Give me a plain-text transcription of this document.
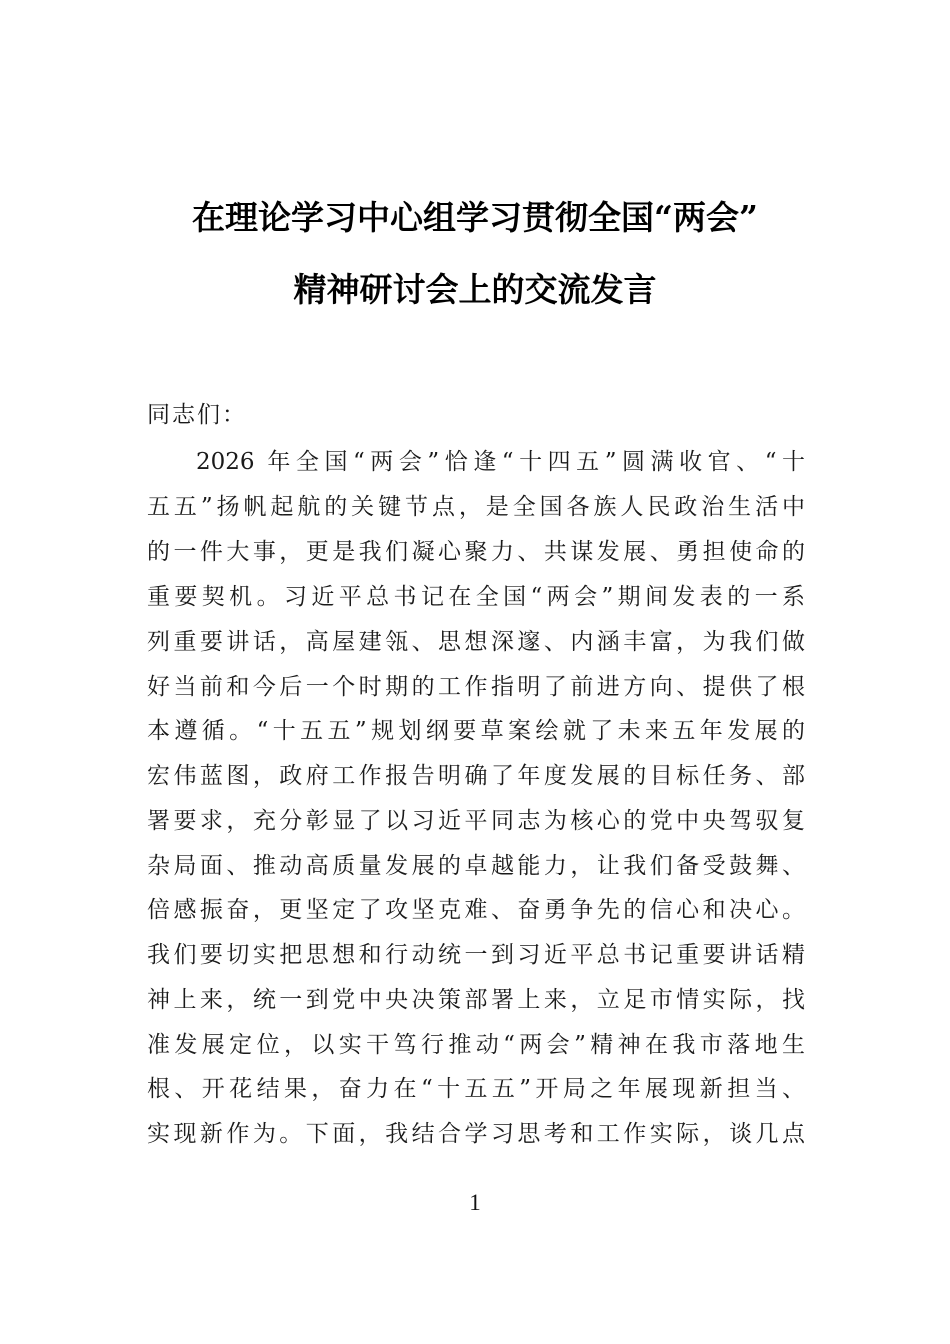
在理论学习中心组学习贯彻全国“两会”
精神研讨会上的交流发言
同志们：
2026 年全国“两会”恰逢“十四五”圆满收官、“十
五五”扬帆起航的关键节点，是全国各族人民政治生活中
的一件大事，更是我们凝心聚力、共谋发展、勇担使命的
重要契机。习近平总书记在全国“两会”期间发表的一系
列重要讲话，高屋建瓴、思想深邃、内涵丰富，为我们做
好当前和今后一个时期的工作指明了前进方向、提供了根
本遵循。“十五五”规划纲要草案绘就了未来五年发展的
宏伟蓝图，政府工作报告明确了年度发展的目标任务、部
署要求，充分彰显了以习近平同志为核心的党中央驾驭复
杂局面、推动高质量发展的卓越能力，让我们备受鼓舞、
倍感振奋，更坚定了攻坚克难、奋勇争先的信心和决心。
我们要切实把思想和行动统一到习近平总书记重要讲话精
神上来，统一到党中央决策部署上来，立足市情实际，找
准发展定位，以实干笃行推动“两会”精神在我市落地生
根、开花结果，奋力在“十五五”开局之年展现新担当、
实现新作为。下面，我结合学习思考和工作实际，谈几点
1
